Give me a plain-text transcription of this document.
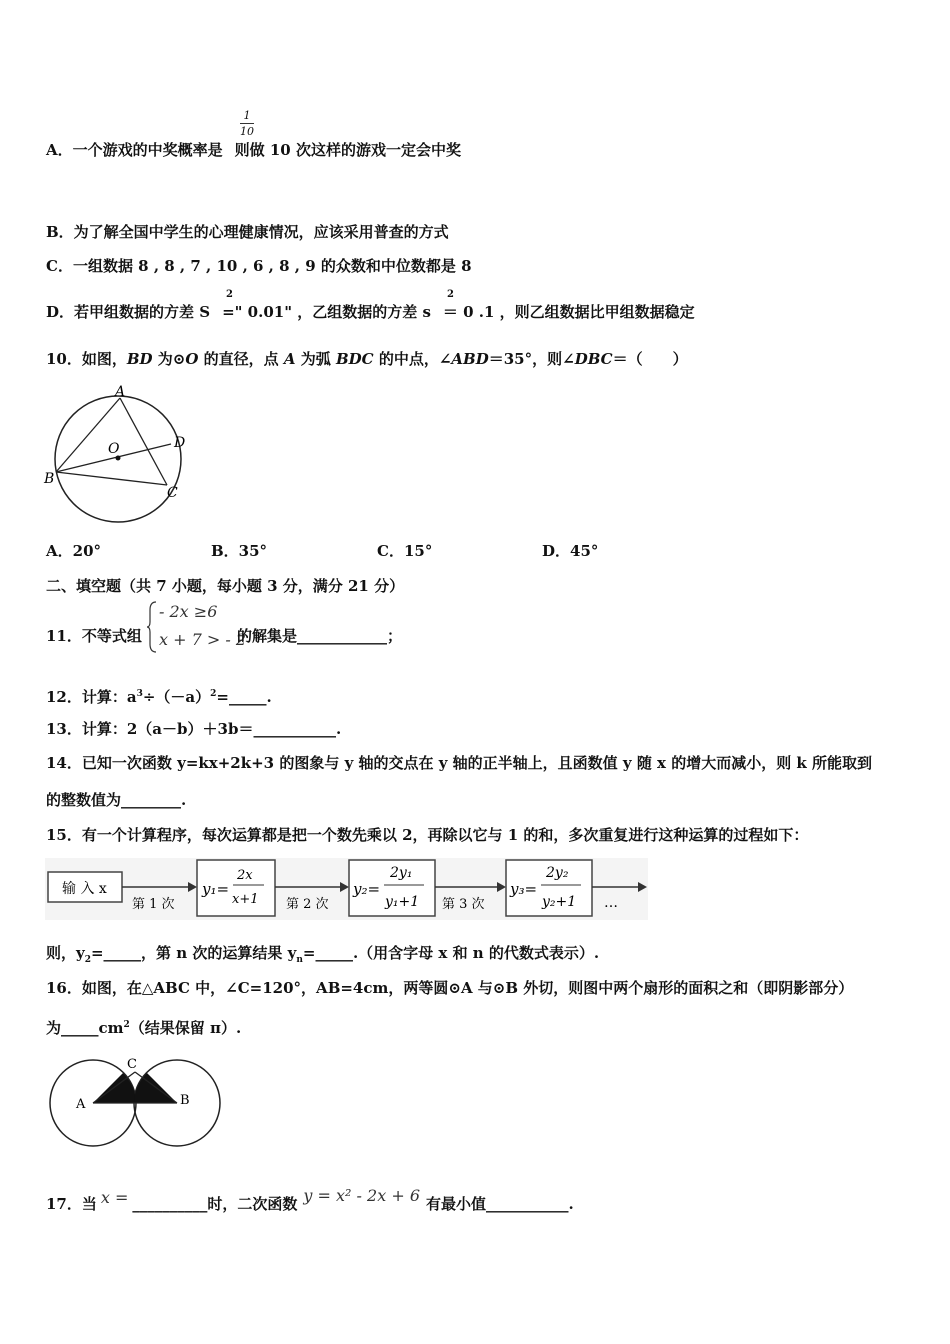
1
10
A．一个游戏的中奖概率是 则做 10 次这样的游戏一定会中奖
B．为了解全国中学生的心理健康情况，应该采用普查的方式
C．一组数据 8 , 8 , 7 , 10 , 6 , 8 , 9 的众数和中位数都是 8
D．若甲组数据的方差 S =" 0.01" ，乙组数据的方差 s ＝ 0 .1 ，则乙组数据比甲组数据稳定
2	2
10．如图，BD 为⊙O 的直径，点 A 为弧 BDC 的中点，∠ABD＝35°，则∠DBC＝（　　）
A
O	D
B
C
A．20°	B．35°	C．15°	D．45°
二、填空题（共 7 小题，每小题 3 分，满分 21 分）
11．不等式组
- 2x ≥6
x + 7 > - 2
的解集是____________；
12．计算：$a^3\div(-a)^2=\_\_\_\_\_$.
13．计算：2（a－b）＋3b＝___________.
14．已知一次函数 y=kx+2k+3 的图象与 y 轴的交点在 y 轴的正半轴上，且函数值 y 随 x 的增大而减小，则 k 所能取到
的整数值为________.
15．有一个计算程序，每次运算都是把一个数先乘以 2，再除以它与 1 的和，多次重复进行这种运算的过程如下：
输 入 x
第 1 次
y₁=
2x
x+1 第 2 次
y₂=
2y₁
y₁+1 第 3 次
y₃=
2y₂
y₂+1 …
则，$y_2=\_\_\_\_\_$，第 n 次的运算结果 $y_n=\_\_\_\_\_$.（用含字母 x 和 n 的代数式表示）.
16．如图，在△ABC 中，∠C=120°，AB=4cm，两等圆⊙A 与⊙B 外切，则图中两个扇形的面积之和（即阴影部分）
为$\_\_\_\_\_cm^2$（结果保留 π）.
C
A	B
17．当 x = __________时，二次函数 y = x² - 2x + 6 有最小值___________.
